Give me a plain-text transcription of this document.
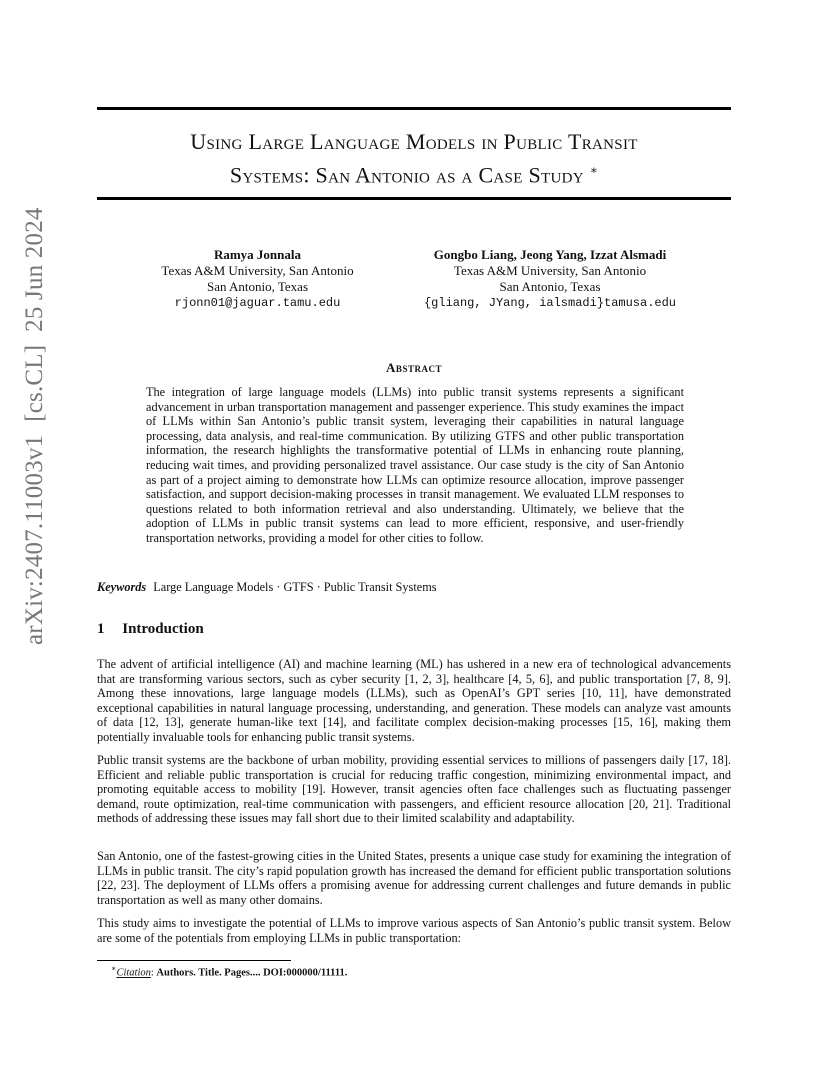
Using Large Language Models in Public Transit
Systems: San Antonio as a Case Study ∗
Ramya Jonnala
Texas A&M University, San Antonio
San Antonio, Texas
rjonn01@jaguar.tamu.edu
Gongbo Liang, Jeong Yang, Izzat Alsmadi
Texas A&M University, San Antonio
San Antonio, Texas
{gliang, JYang, ialsmadi}tamusa.edu
arXiv:2407.11003v1  [cs.CL]  25 Jun 2024	Abstract
The integration of large language models (LLMs) into public transit systems represents a significant advancement in urban transportation management and passenger experience. This study examines the impact of LLMs within San Antonio’s public transit system, leveraging their capabilities in natural language processing, data analysis, and real-time communication. By utilizing GTFS and other public transportation information, the research highlights the transformative potential of LLMs in enhancing route planning, reducing wait times, and providing personalized travel assistance. Our case study is the city of San Antonio as part of a project aiming to demonstrate how LLMs can optimize resource allocation, improve passenger satisfaction, and support decision-making processes in transit management. We evaluated LLM responses to questions related to both information retrieval and also understanding. Ultimately, we believe that the adoption of LLMs in public transit systems can lead to more efficient, responsive, and user-friendly transportation networks, providing a model for other cities to follow.
Keywords Large Language Models · GTFS · Public Transit Systems
1 Introduction
The advent of artificial intelligence (AI) and machine learning (ML) has ushered in a new era of technological advancements that are transforming various sectors, such as cyber security [1, 2, 3], healthcare [4, 5, 6], and public transportation [7, 8, 9]. Among these innovations, large language models (LLMs), such as OpenAI’s GPT series [10, 11], have demonstrated exceptional capabilities in natural language processing, understanding, and generation. These models can analyze vast amounts of data [12, 13], generate human-like text [14], and facilitate complex decision-making processes [15, 16], making them potentially invaluable tools for enhancing public transit systems.
Public transit systems are the backbone of urban mobility, providing essential services to millions of passengers daily [17, 18]. Efficient and reliable public transportation is crucial for reducing traffic congestion, minimizing environmental impact, and promoting equitable access to mobility [19]. However, transit agencies often face challenges such as fluctuating passenger demand, route optimization, real-time communication with passengers, and efficient resource allocation [20, 21]. Traditional methods of addressing these issues may fall short due to their limited scalability and adaptability.
San Antonio, one of the fastest-growing cities in the United States, presents a unique case study for examining the integration of LLMs in public transit. The city’s rapid population growth has increased the demand for efficient public transportation solutions [22, 23]. The deployment of LLMs offers a promising avenue for addressing current challenges and future demands in public transportation as well as many other domains.
This study aims to investigate the potential of LLMs to improve various aspects of San Antonio’s public transit system. Below are some of the potentials from employing LLMs in public transportation:
∗Citation: Authors. Title. Pages.... DOI:000000/11111.
